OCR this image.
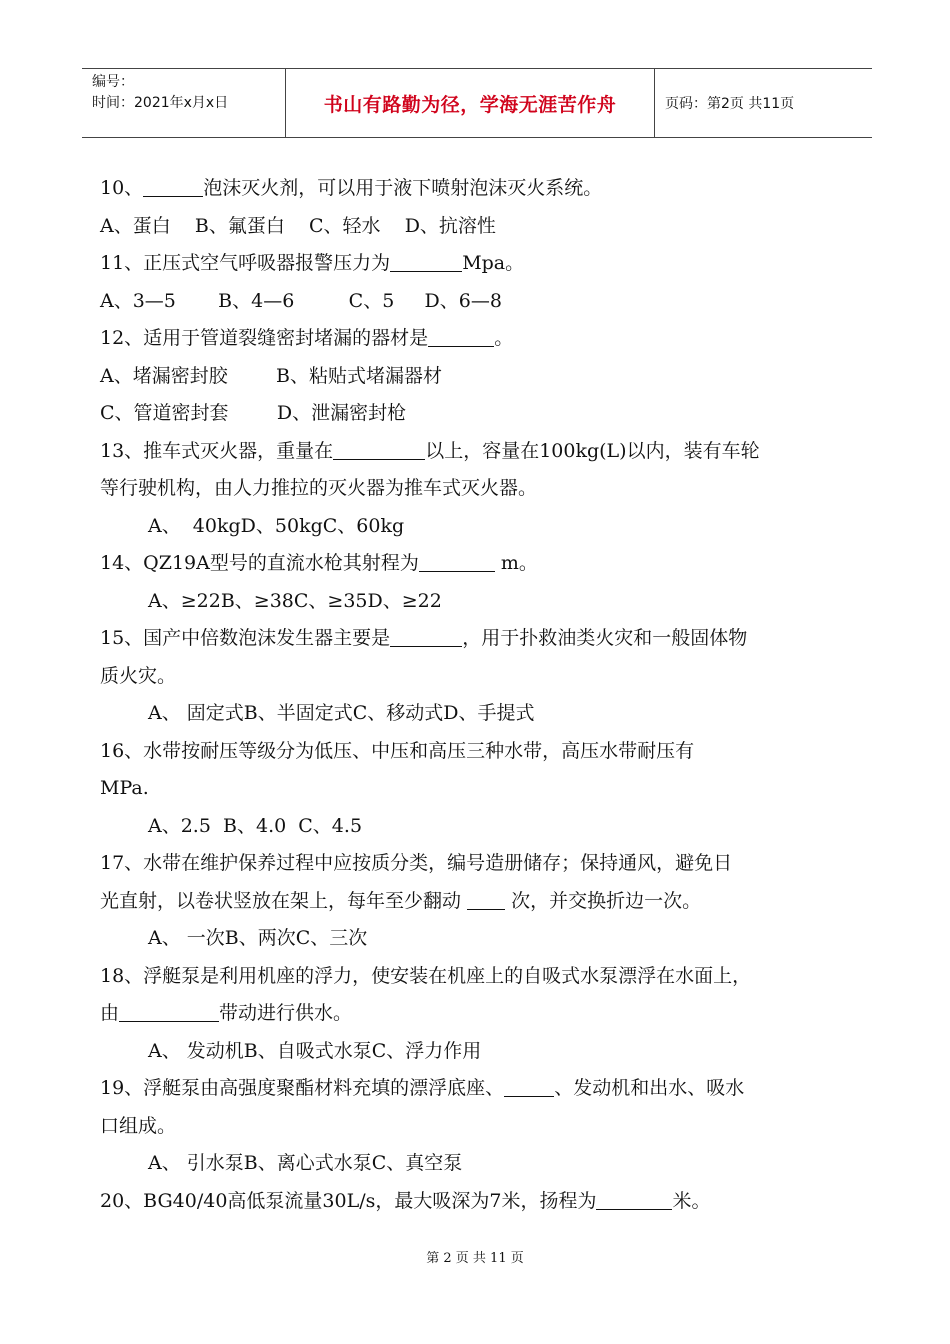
编号：
时间：2021年x月x日	书山有路勤为径，学海无涯苦作舟	页码：第2页 共11页
10、	泡沫灭火剂，可以用于液下喷射泡沫灭火系统。
A、蛋白    B、氟蛋白    C、轻水    D、抗溶性
11、正压式空气呼吸器报警压力为	Mpa。
A、3—5       B、4—6         C、5     D、6—8
12、适用于管道裂缝密封堵漏的器材是	。
A、堵漏密封胶        B、粘贴式堵漏器材
C、管道密封套        D、泄漏密封枪
13、推车式灭火器，重量在	以上，容量在100kg(L)以内，装有车轮
等行驶机构，由人力推拉的灭火器为推车式灭火器。
A、  40kgD、50kgC、60kg
14、QZ19A型号的直流水枪其射程为	m。
A、≥22B、≥38C、≥35D、≥22
15、国产中倍数泡沫发生器主要是	，用于扑救油类火灾和一般固体物
质火灾。
A、 固定式B、半固定式C、移动式D、手提式
16、水带按耐压等级分为低压、中压和高压三种水带，高压水带耐压有
MPa.
A、2.5  B、4.0  C、4.5
17、水带在维护保养过程中应按质分类，编号造册储存；保持通风，避免日
光直射，以卷状竖放在架上，每年至少翻动  次，并交换折边一次。
A、 一次B、两次C、三次
18、浮艇泵是利用机座的浮力，使安装在机座上的自吸式水泵漂浮在水面上，
由	带动进行供水。
A、 发动机B、自吸式水泵C、浮力作用
19、浮艇泵由高强度聚酯材料充填的漂浮底座、	、发动机和出水、吸水
口组成。
A、 引水泵B、离心式水泵C、真空泵
20、BG40/40高低泵流量30L/s，最大吸深为7米，扬程为	米。
第 2 页 共 11 页
